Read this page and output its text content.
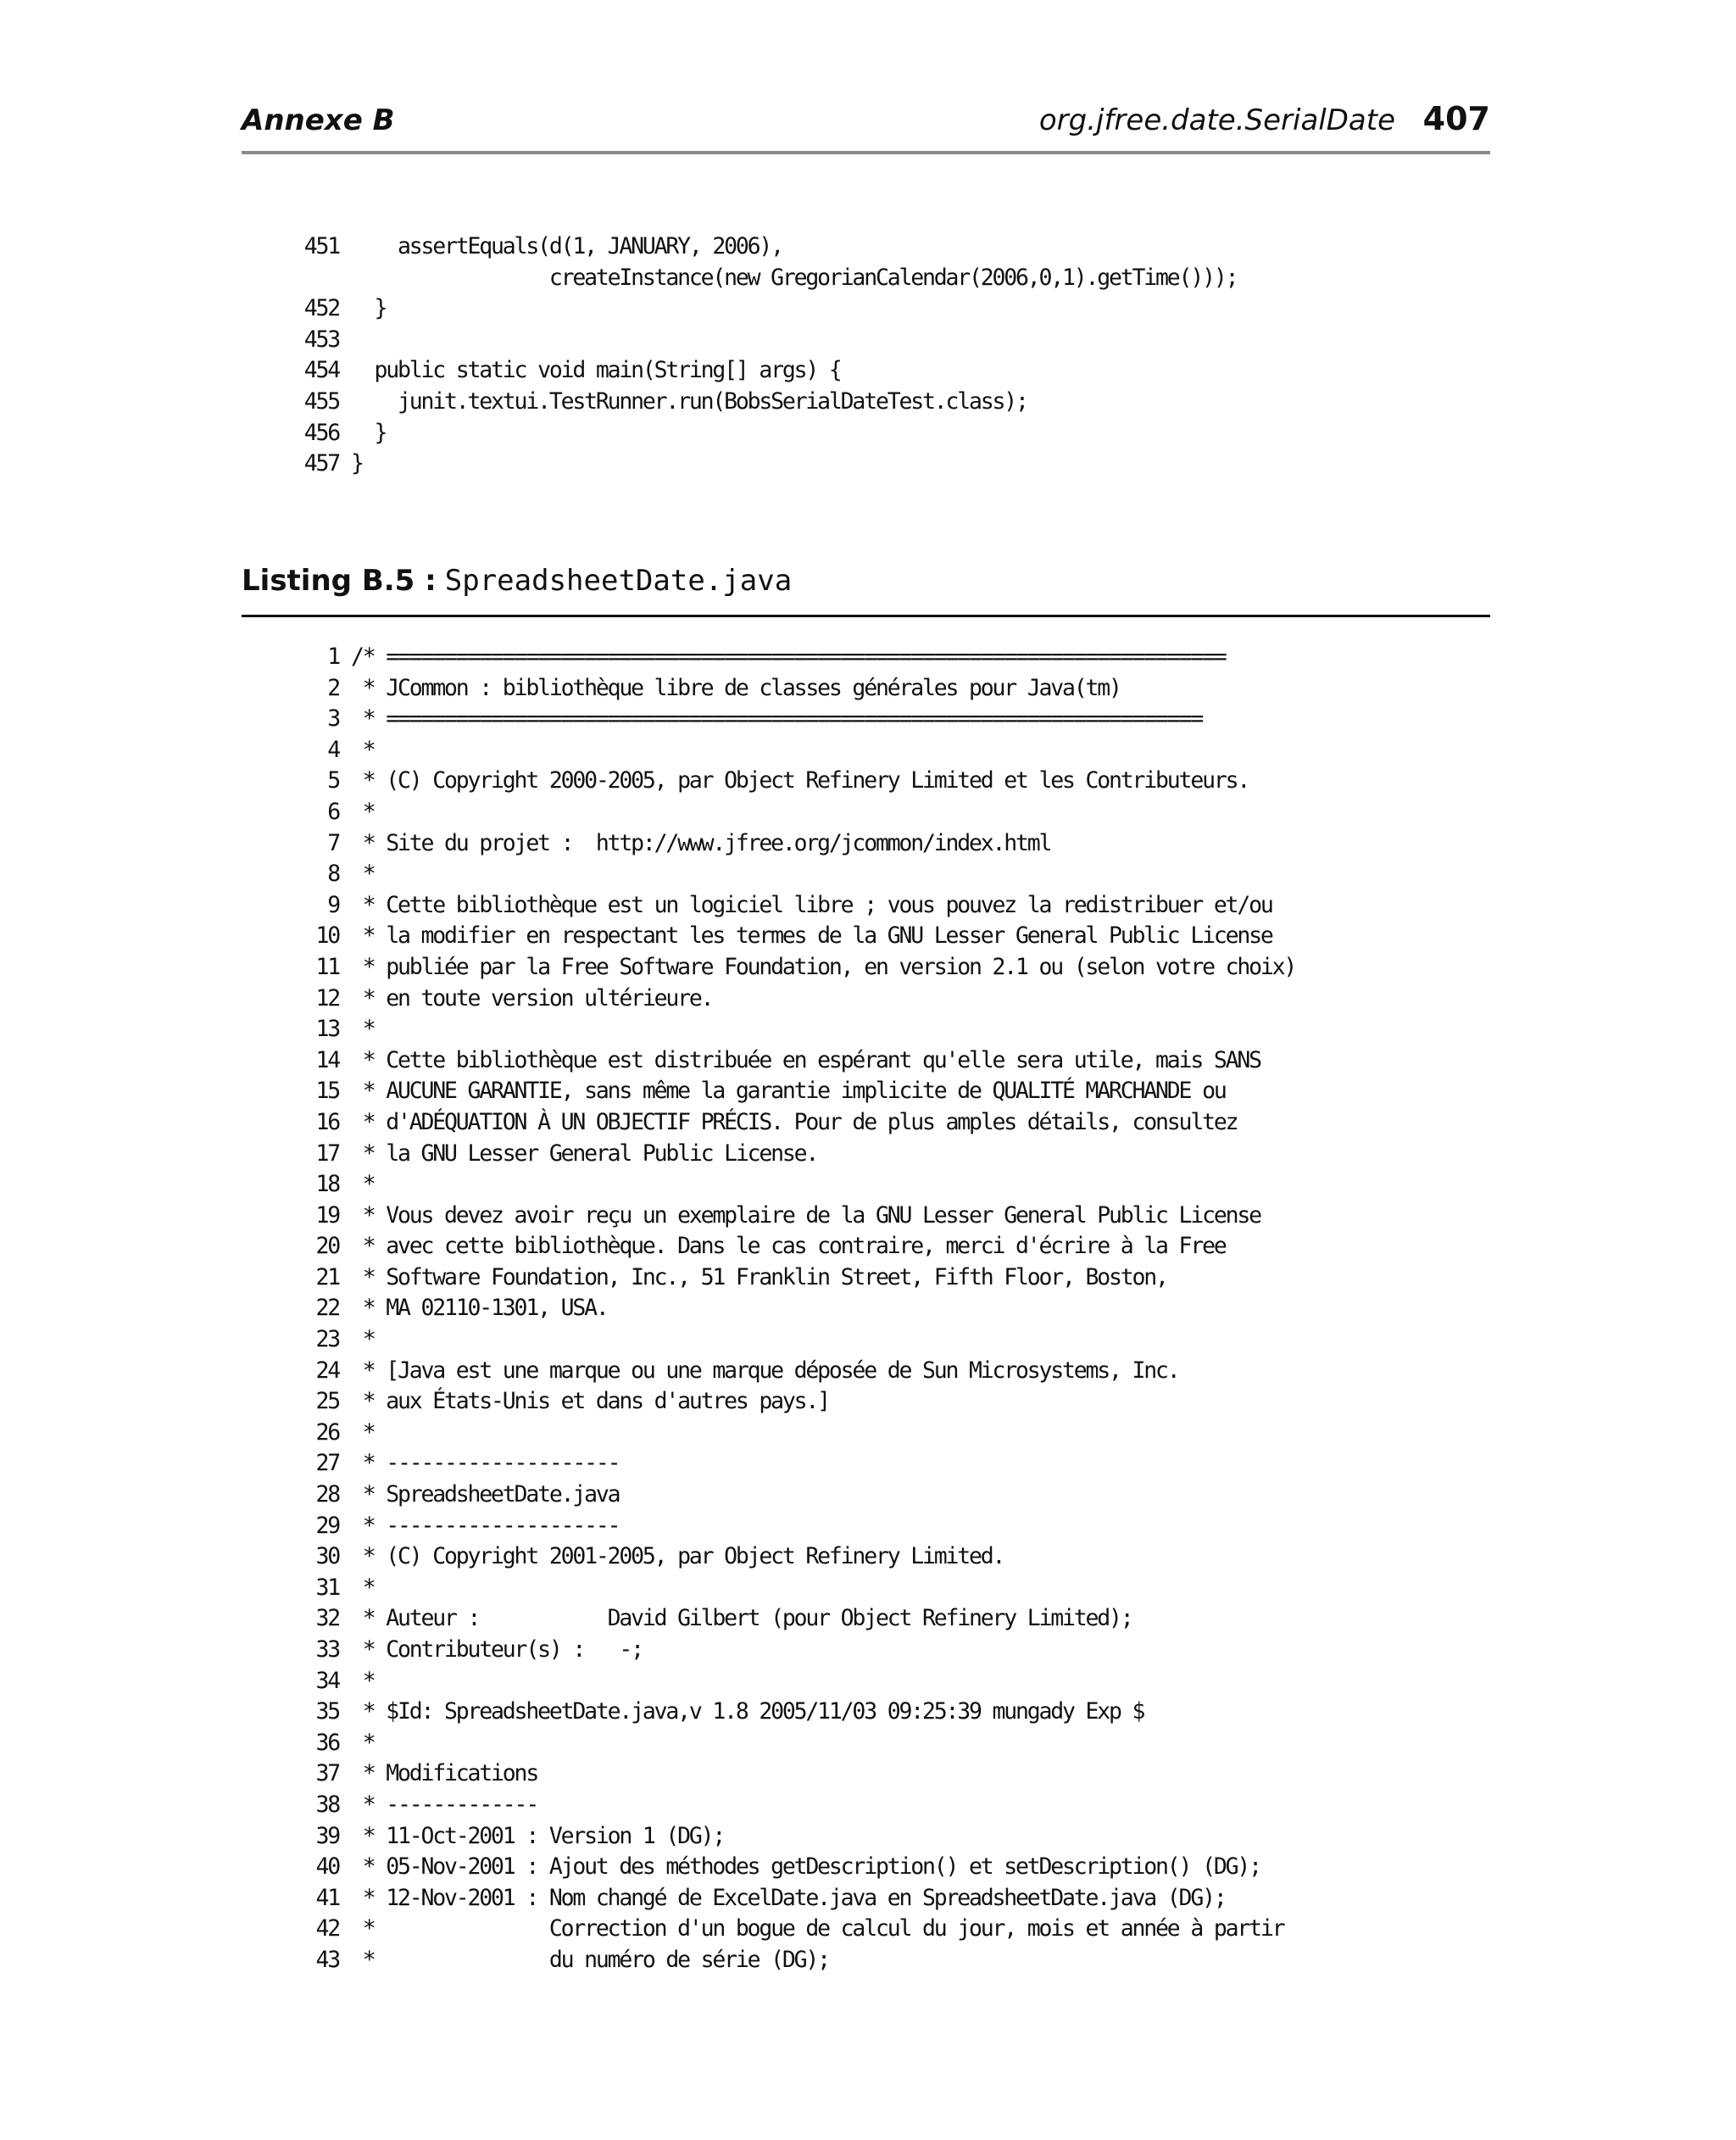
Annexe B	org.jfree.date.SerialDate 407
451    assertEquals(d(1, JANUARY, 2006),
createInstance(new GregorianCalendar(2006,0,1).getTime()));
452  }
453
454  public static void main(String[] args) {
455    junit.textui.TestRunner.run(BobsSerialDateTest.class);
456  }
457 }
Listing B.5 : SpreadsheetDate.java
1 /* ========================================================================
2 * JCommon : bibliothèque libre de classes générales pour Java(tm)
3 * ======================================================================
4 *
5 * (C) Copyright 2000-2005, par Object Refinery Limited et les Contributeurs.
6 *
7 * Site du projet :  http://www.jfree.org/jcommon/index.html
8 *
9 * Cette bibliothèque est un logiciel libre ; vous pouvez la redistribuer et/ou
10 * la modifier en respectant les termes de la GNU Lesser General Public License
11 * publiée par la Free Software Foundation, en version 2.1 ou (selon votre choix)
12 * en toute version ultérieure.
13 *
14 * Cette bibliothèque est distribuée en espérant qu'elle sera utile, mais SANS
15 * AUCUNE GARANTIE, sans même la garantie implicite de QUALITÉ MARCHANDE ou
16 * d'ADÉQUATION À UN OBJECTIF PRÉCIS. Pour de plus amples détails, consultez
17 * la GNU Lesser General Public License.
18 *
19 * Vous devez avoir reçu un exemplaire de la GNU Lesser General Public License
20 * avec cette bibliothèque. Dans le cas contraire, merci d'écrire à la Free
21 * Software Foundation, Inc., 51 Franklin Street, Fifth Floor, Boston,
22 * MA 02110-1301, USA.
23 *
24 * [Java est une marque ou une marque déposée de Sun Microsystems, Inc.
25 * aux États-Unis et dans d'autres pays.]
26 *
27 * --------------------
28 * SpreadsheetDate.java
29 * --------------------
30 * (C) Copyright 2001-2005, par Object Refinery Limited.
31 *
32 * Auteur :           David Gilbert (pour Object Refinery Limited);
33 * Contributeur(s) :   -;
34 *
35 * $Id: SpreadsheetDate.java,v 1.8 2005/11/03 09:25:39 mungady Exp $
36 *
37 * Modifications
38 * -------------
39 * 11-Oct-2001 : Version 1 (DG);
40 * 05-Nov-2001 : Ajout des méthodes getDescription() et setDescription() (DG);
41 * 12-Nov-2001 : Nom changé de ExcelDate.java en SpreadsheetDate.java (DG);
42 *               Correction d'un bogue de calcul du jour, mois et année à partir
43 *               du numéro de série (DG);
